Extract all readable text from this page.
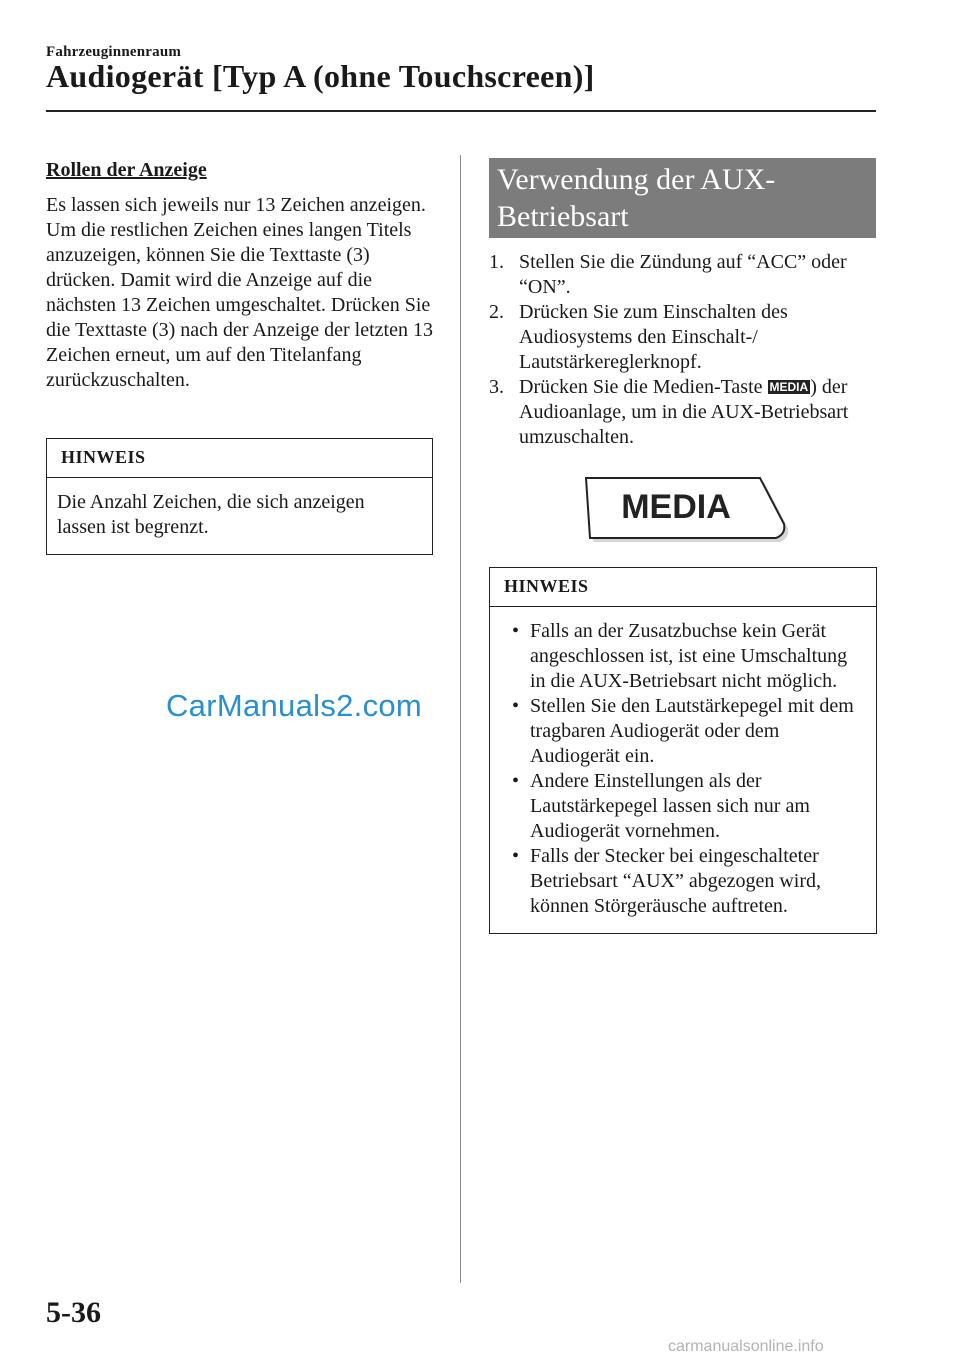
Fahrzeuginnenraum
Audiogerät [Typ A (ohne Touchscreen)]

Rollen der Anzeige

Es lassen sich jeweils nur 13 Zeichen anzeigen. Um die restlichen Zeichen eines langen Titels anzuzeigen, können Sie die Texttaste (3) drücken. Damit wird die Anzeige auf die nächsten 13 Zeichen umgeschaltet. Drücken Sie die Texttaste (3) nach der Anzeige der letzten 13 Zeichen erneut, um auf den Titelanfang zurückzuschalten.

HINWEIS
Die Anzahl Zeichen, die sich anzeigen lassen ist begrenzt.
Verwendung der AUX-
Betriebsart
1. Stellen Sie die Zündung auf “ACC” oder “ON”.
2. Drücken Sie zum Einschalten des Audiosystems den Einschalt-/ Lautstärkereglerknopf.
3. Drücken Sie die Medien-Taste MEDIA ) der Audioanlage, um in die AUX-Betriebsart umzuschalten.
MEDIA
HINWEIS
• Falls an der Zusatzbuchse kein Gerät angeschlossen ist, ist eine Umschaltung in die AUX-Betriebsart nicht möglich.
• Stellen Sie den Lautstärkepegel mit dem tragbaren Audiogerät oder dem Audiogerät ein.
• Andere Einstellungen als der Lautstärkepegel lassen sich nur am Audiogerät vornehmen.
• Falls der Stecker bei eingeschalteter Betriebsart “AUX” abgezogen wird, können Störgeräusche auftreten.
CarManuals2.com
5-36
carmanualsonline.info
